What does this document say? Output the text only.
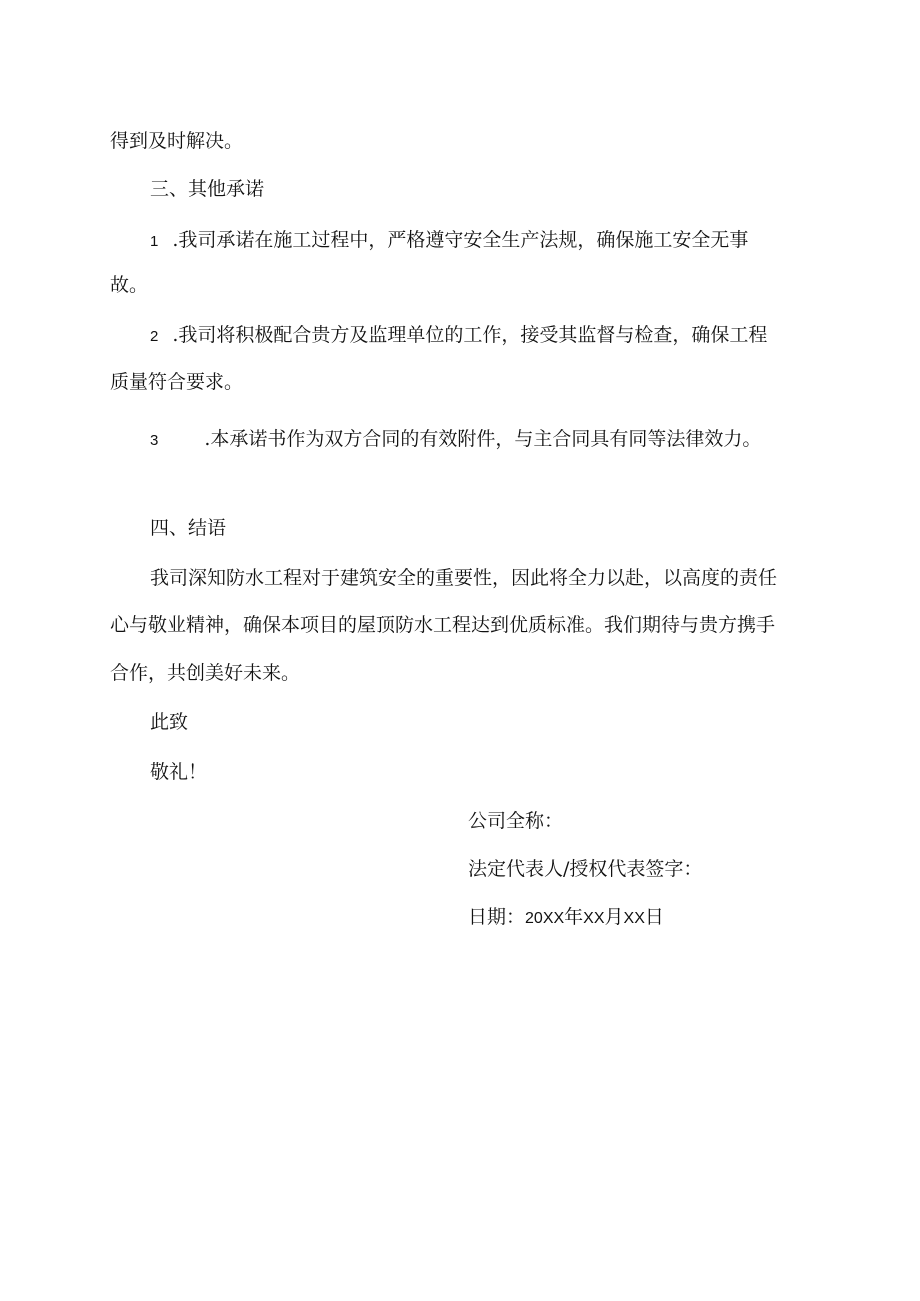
得到及时解决。
三、其他承诺
1 .我司承诺在施工过程中，严格遵守安全生产法规，确保施工安全无事
故。
2 .我司将积极配合贵方及监理单位的工作，接受其监督与检查，确保工程
质量符合要求。
3 .本承诺书作为双方合同的有效附件，与主合同具有同等法律效力。
四、结语
我司深知防水工程对于建筑安全的重要性，因此将全力以赴，以高度的责任
心与敬业精神，确保本项目的屋顶防水工程达到优质标准。我们期待与贵方携手
合作，共创美好未来。
此致
敬礼！
公司全称：
法定代表人/授权代表签字：
日期：20XX年XX月XX日
